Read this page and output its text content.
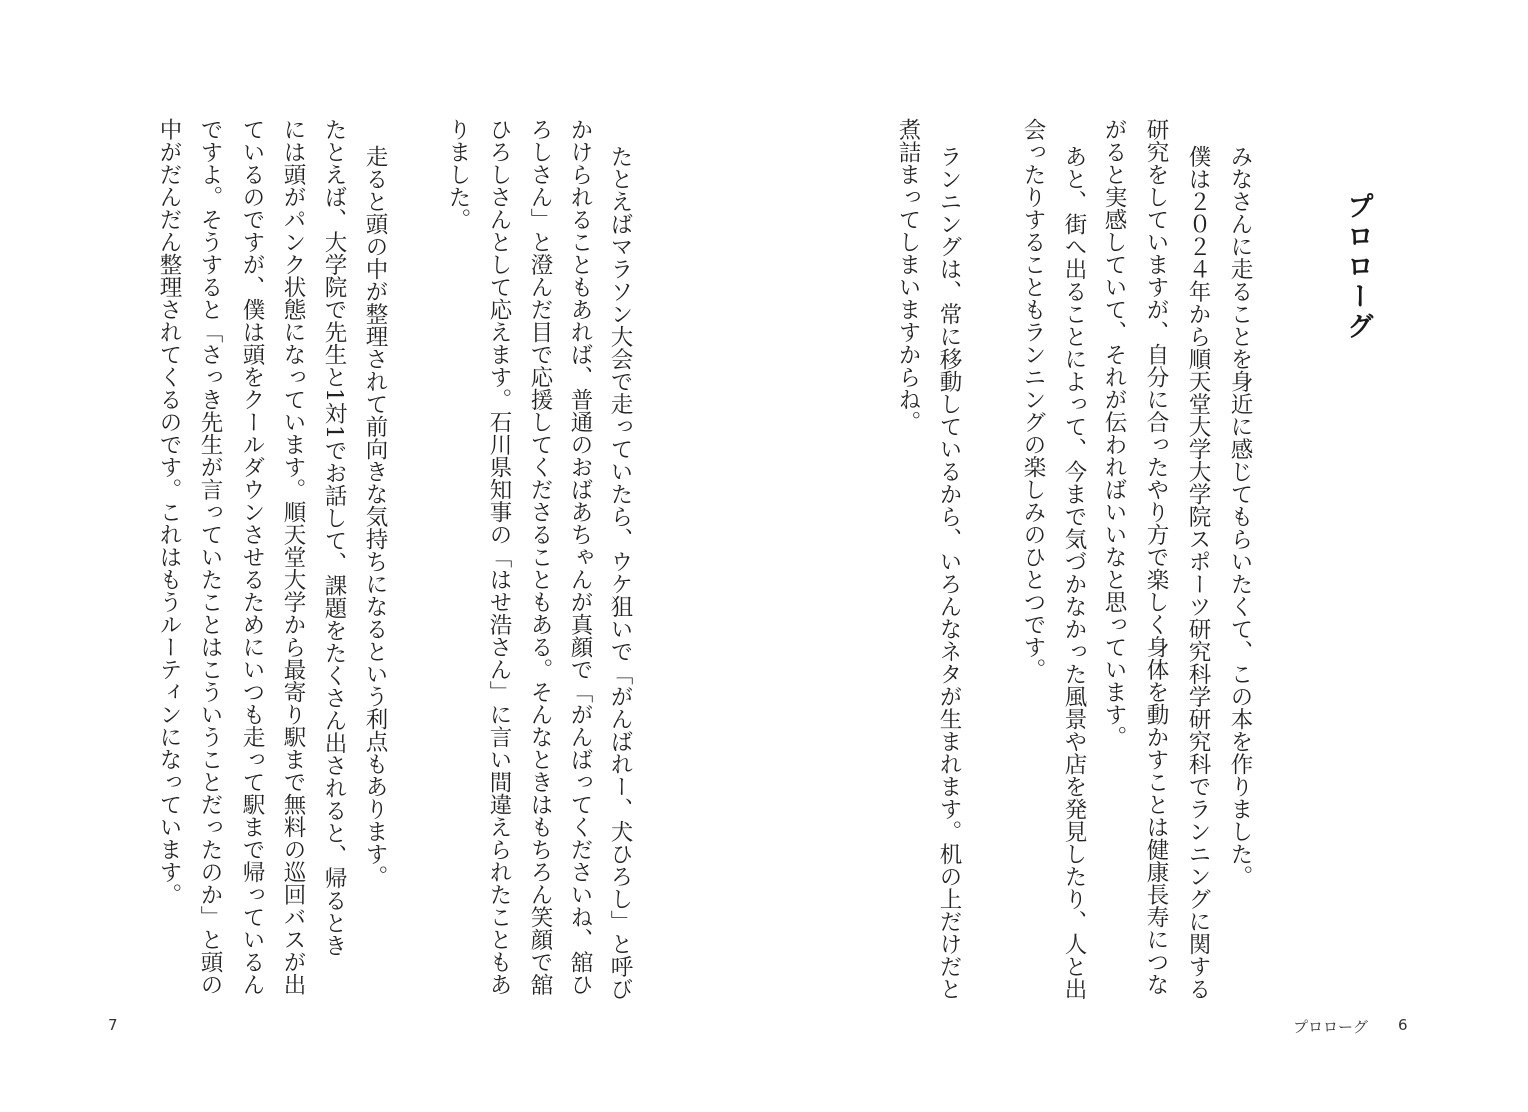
プロローグ
みなさんに走ることを身近に感じてもらいたくて、この本を作りました。
僕は２０２４年から順天堂大学大学院スポーツ研究科学研究科でランニングに関する
研究をしていますが、自分に合ったやり方で楽しく身体を動かすことは健康長寿につな
がると実感していて、それが伝わればいいなと思っています。
あと、街へ出ることによって、今まで気づかなかった風景や店を発見したり、人と出
会ったりすることもランニングの楽しみのひとつです。
ランニングは、常に移動しているから、いろんなネタが生まれます。机の上だけだと
煮詰まってしまいますからね。
たとえばマラソン大会で走っていたら、ウケ狙いで「がんばれー、犬ひろし」と呼び
かけられることもあれば、普通のおばあちゃんが真顔で「がんばってくださいね、舘ひ
ろしさん」と澄んだ目で応援してくださることもある。そんなときはもちろん笑顔で舘
ひろしさんとして応えます。石川県知事の「はせ浩さん」に言い間違えられたこともあ
りました。
走ると頭の中が整理されて前向きな気持ちになるという利点もあります。
たとえば、大学院で先生と1対1でお話して、課題をたくさん出されると、帰るとき
には頭がパンク状態になっています。順天堂大学から最寄り駅まで無料の巡回バスが出
ているのですが、僕は頭をクールダウンさせるためにいつも走って駅まで帰っているん
ですよ。そうすると「さっき先生が言っていたことはこういうことだったのか」と頭の
中がだんだん整理されてくるのです。これはもうルーティンになっています。
プロローグ 6
7
